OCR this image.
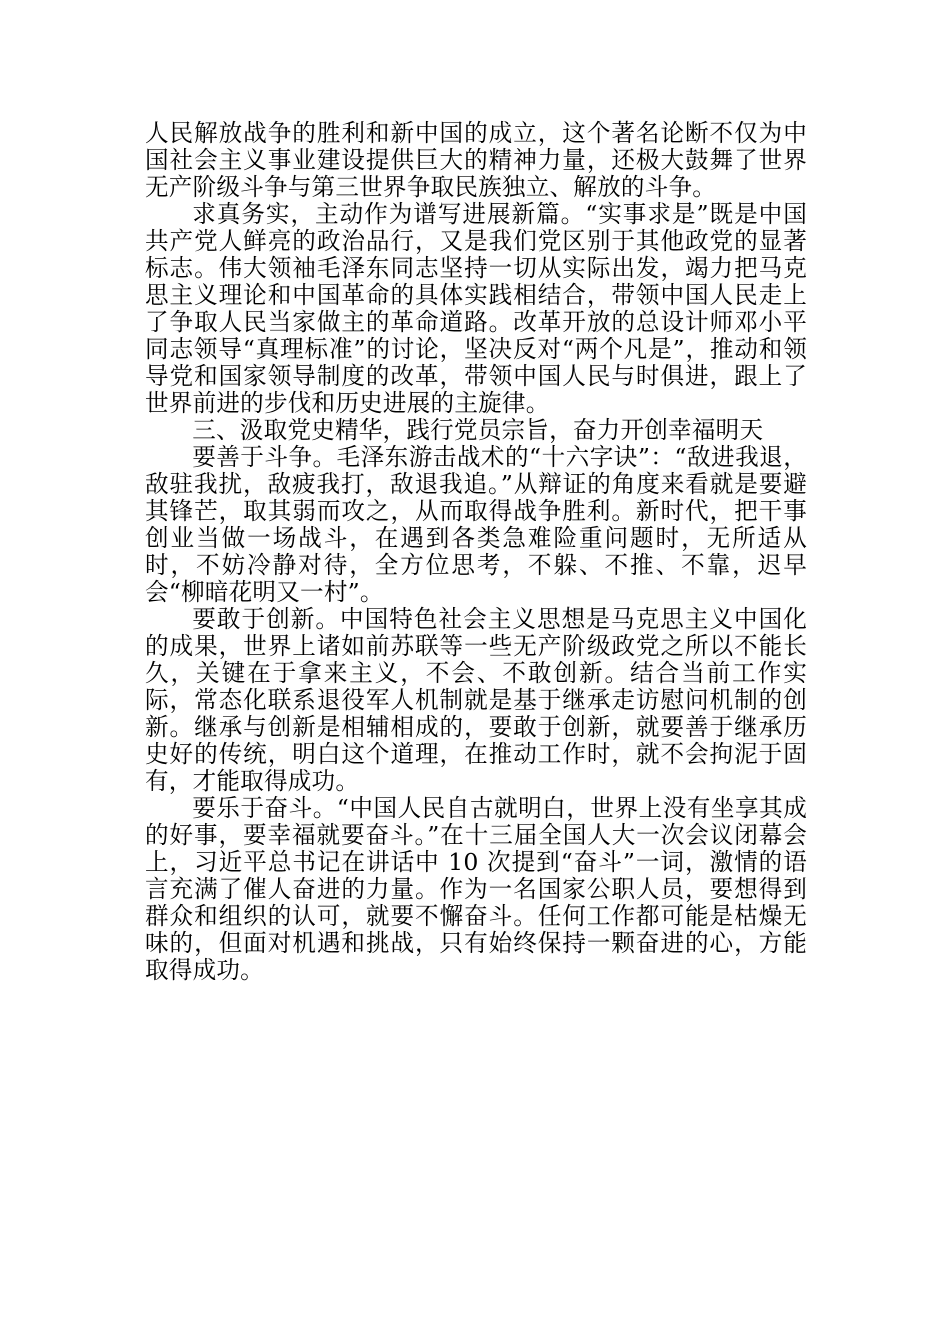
人民解放战争的胜利和新中国的成立，这个著名论断不仅为中国社会主义事业建设提供巨大的精神力量，还极大鼓舞了世界无产阶级斗争与第三世界争取民族独立、解放的斗争。

求真务实，主动作为谱写进展新篇。“实事求是”既是中国共产党人鲜亮的政治品行，又是我们党区别于其他政党的显著标志。伟大领袖毛泽东同志坚持一切从实际出发，竭力把马克思主义理论和中国革命的具体实践相结合，带领中国人民走上了争取人民当家做主的革命道路。改革开放的总设计师邓小平同志领导“真理标准”的讨论，坚决反对“两个凡是”，推动和领导党和国家领导制度的改革，带领中国人民与时俱进，跟上了世界前进的步伐和历史进展的主旋律。

三、汲取党史精华，践行党员宗旨，奋力开创幸福明天

要善于斗争。毛泽东游击战术的“十六字诀”：“敌进我退，敌驻我扰，敌疲我打，敌退我追。”从辩证的角度来看就是要避其锋芒，取其弱而攻之，从而取得战争胜利。新时代，把干事创业当做一场战斗，在遇到各类急难险重问题时，无所适从时，不妨冷静对待，全方位思考，不躲、不推、不靠，迟早会“柳暗花明又一村”。

要敢于创新。中国特色社会主义思想是马克思主义中国化的成果，世界上诸如前苏联等一些无产阶级政党之所以不能长久，关键在于拿来主义，不会、不敢创新。结合当前工作实际，常态化联系退役军人机制就是基于继承走访慰问机制的创新。继承与创新是相辅相成的，要敢于创新，就要善于继承历史好的传统，明白这个道理，在推动工作时，就不会拘泥于固有，才能取得成功。

要乐于奋斗。“中国人民自古就明白，世界上没有坐享其成的好事，要幸福就要奋斗。”在十三届全国人大一次会议闭幕会上，习近平总书记在讲话中 10 次提到“奋斗”一词，激情的语言充满了催人奋进的力量。作为一名国家公职人员，要想得到群众和组织的认可，就要不懈奋斗。任何工作都可能是枯燥无味的，但面对机遇和挑战，只有始终保持一颗奋进的心，方能取得成功。
